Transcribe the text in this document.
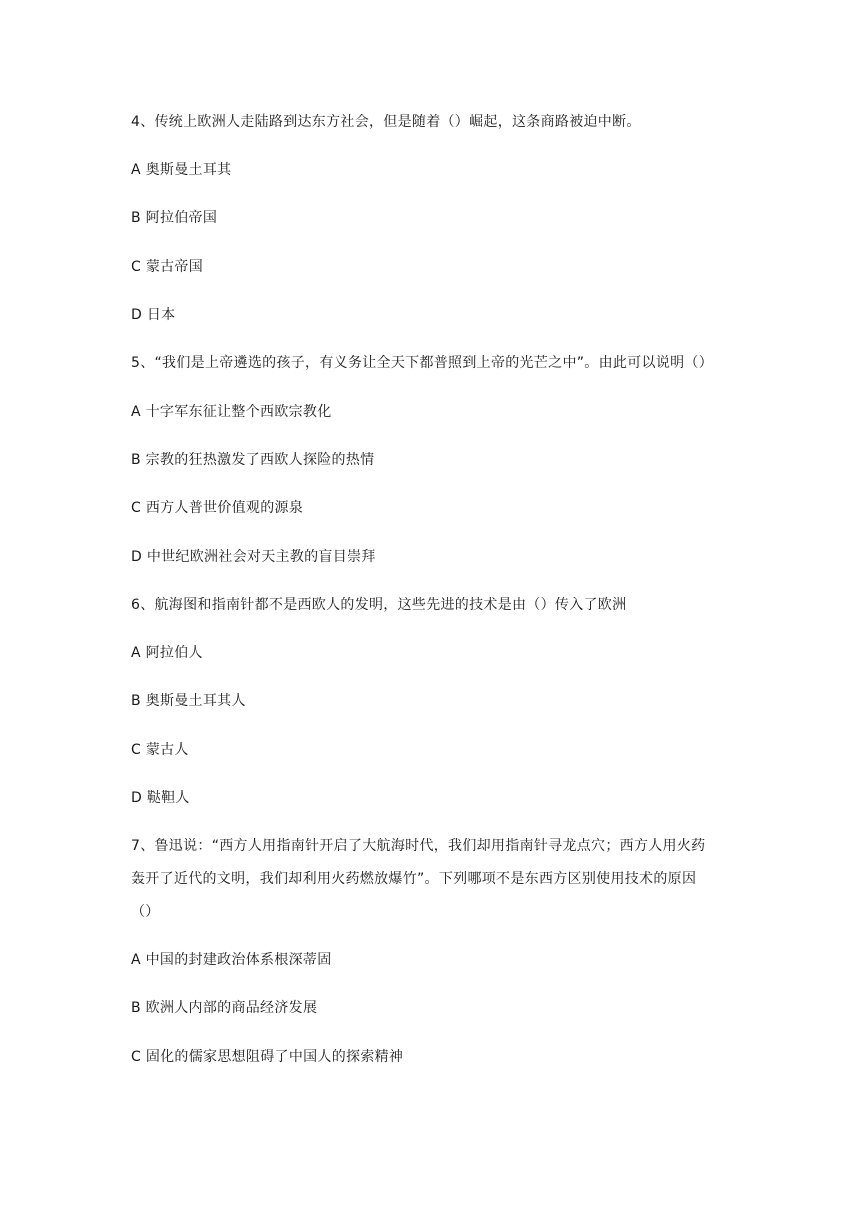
4、传统上欧洲人走陆路到达东方社会，但是随着（）崛起，这条商路被迫中断。
A 奥斯曼土耳其
B 阿拉伯帝国
C 蒙古帝国
D 日本
5、“我们是上帝遴选的孩子，有义务让全天下都普照到上帝的光芒之中”。由此可以说明（）
A 十字军东征让整个西欧宗教化
B 宗教的狂热激发了西欧人探险的热情
C 西方人普世价值观的源泉
D 中世纪欧洲社会对天主教的盲目崇拜
6、航海图和指南针都不是西欧人的发明，这些先进的技术是由（）传入了欧洲
A 阿拉伯人
B 奥斯曼土耳其人
C 蒙古人
D 鞑靼人
7、鲁迅说：“西方人用指南针开启了大航海时代，我们却用指南针寻龙点穴；西方人用火药
轰开了近代的文明，我们却利用火药燃放爆竹”。下列哪项不是东西方区别使用技术的原因
（）
A 中国的封建政治体系根深蒂固
B 欧洲人内部的商品经济发展
C 固化的儒家思想阻碍了中国人的探索精神
